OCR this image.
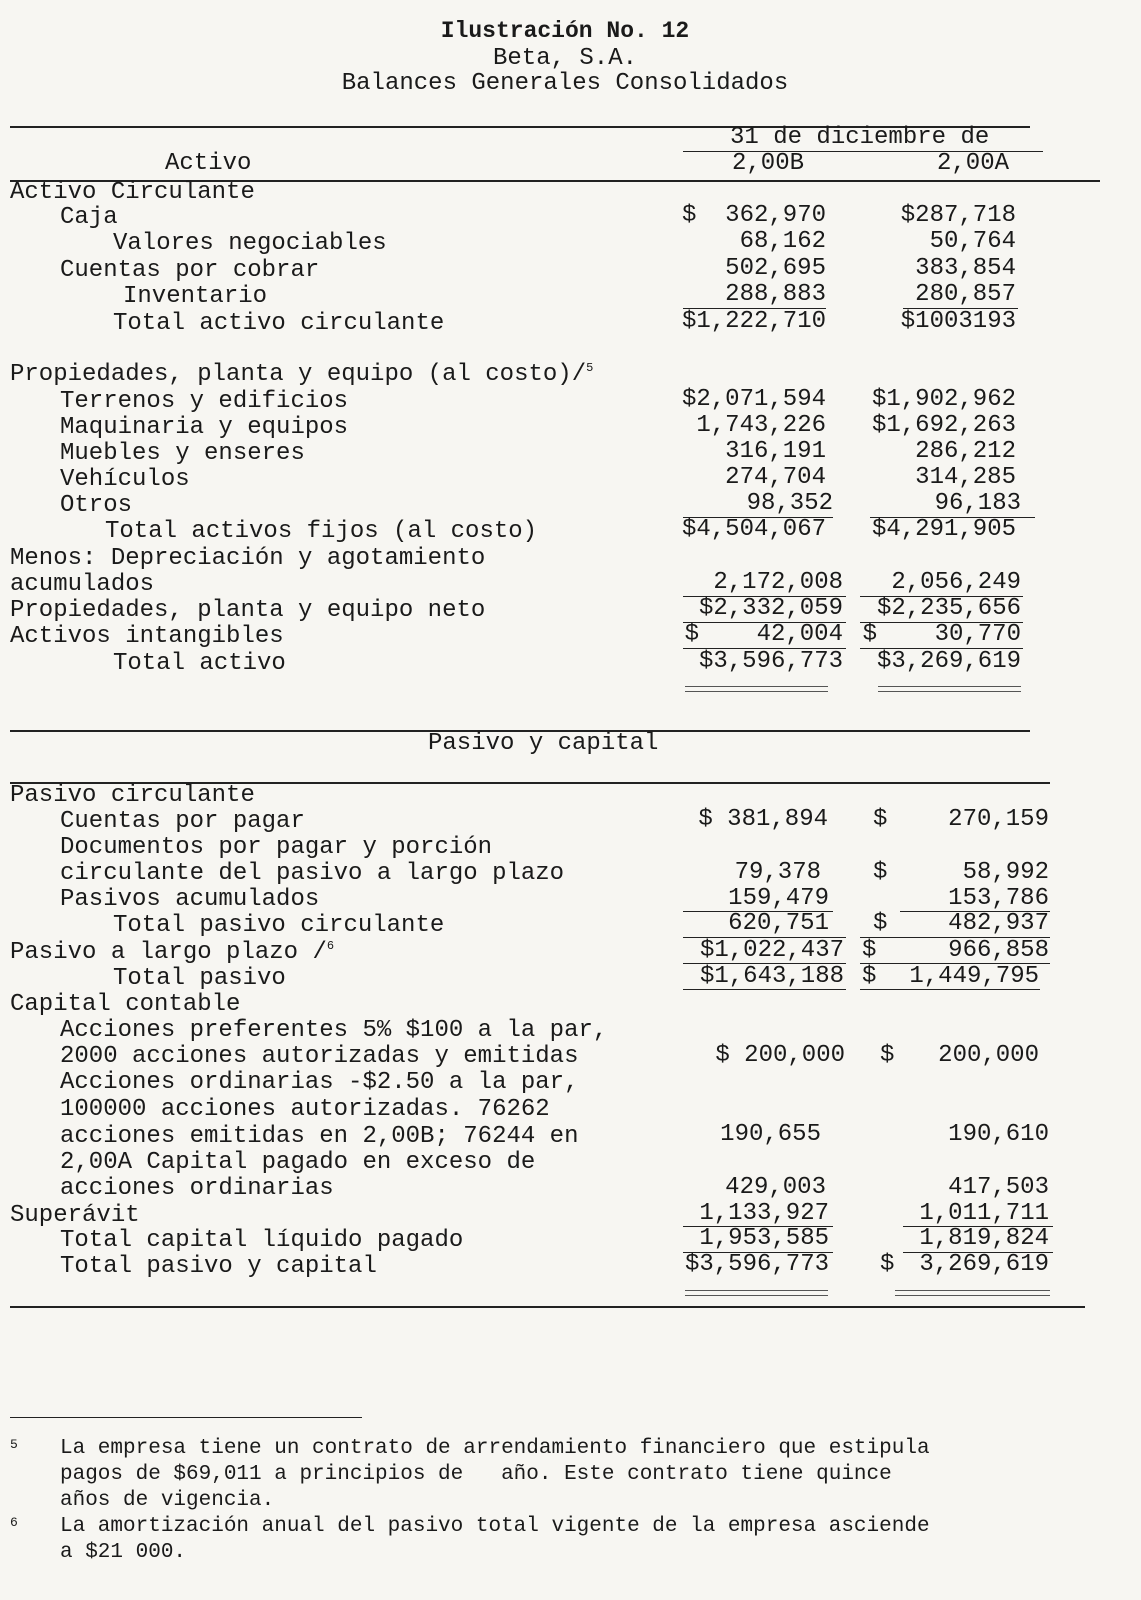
Ilustración No. 12
Beta, S.A.
Balances Generales Consolidados
31 de diciembre de
Activo	2,00B	2,00A
Activo Circulante
Caja	$  362,970	$287,718
Valores negociables	68,162	50,764
Cuentas por cobrar	502,695	383,854
Inventario	288,883	280,857
Total activo circulante	$1,222,710	$1003193
Propiedades, planta y equipo (al costo)/$^5$
Terrenos y edificios	$2,071,594 $1,902,962
Maquinaria y equipos	1,743,226 $1,692,263
Muebles y enseres	316,191	286,212
Vehículos	274,704	314,285
Otros	98,352	96,183
Total activos fijos (al costo)	$4,504,067 $4,291,905
Menos: Depreciación y agotamiento
acumulados	2,172,008 2,056,249
Propiedades, planta y equipo neto	$2,332,059 $2,235,656
Activos intangibles	$    42,004 $    30,770
Total activo	$3,596,773 $3,269,619
Pasivo y capital
Pasivo circulante
Cuentas por pagar	$ 381,894 $	270,159
Documentos por pagar y porción
circulante del pasivo a largo plazo	79,378 $	58,992
Pasivos acumulados	159,479	153,786
Total pasivo circulante	620,751 $	482,937
Pasivo a largo plazo /$^6$	$1,022,437 $	966,858
Total pasivo	$1,643,188 $ 1,449,795
Capital contable
Acciones preferentes 5% $100 a la par,
2000 acciones autorizadas y emitidas	$ 200,000 $ 200,000
Acciones ordinarias -$2.50 a la par,
100000 acciones autorizadas. 76262
acciones emitidas en 2,00B; 76244 en	190,655	190,610
2,00A Capital pagado en exceso de
acciones ordinarias	429,003	417,503
Superávit	1,133,927	1,011,711
Total capital líquido pagado	1,953,585	1,819,824
Total pasivo y capital	$3,596,773 $ 3,269,619
5 La empresa tiene un contrato de arrendamiento financiero que estipula
pagos de $69,011 a principios de   año. Este contrato tiene quince
años de vigencia.
6 La amortización anual del pasivo total vigente de la empresa asciende
a $21 000.
